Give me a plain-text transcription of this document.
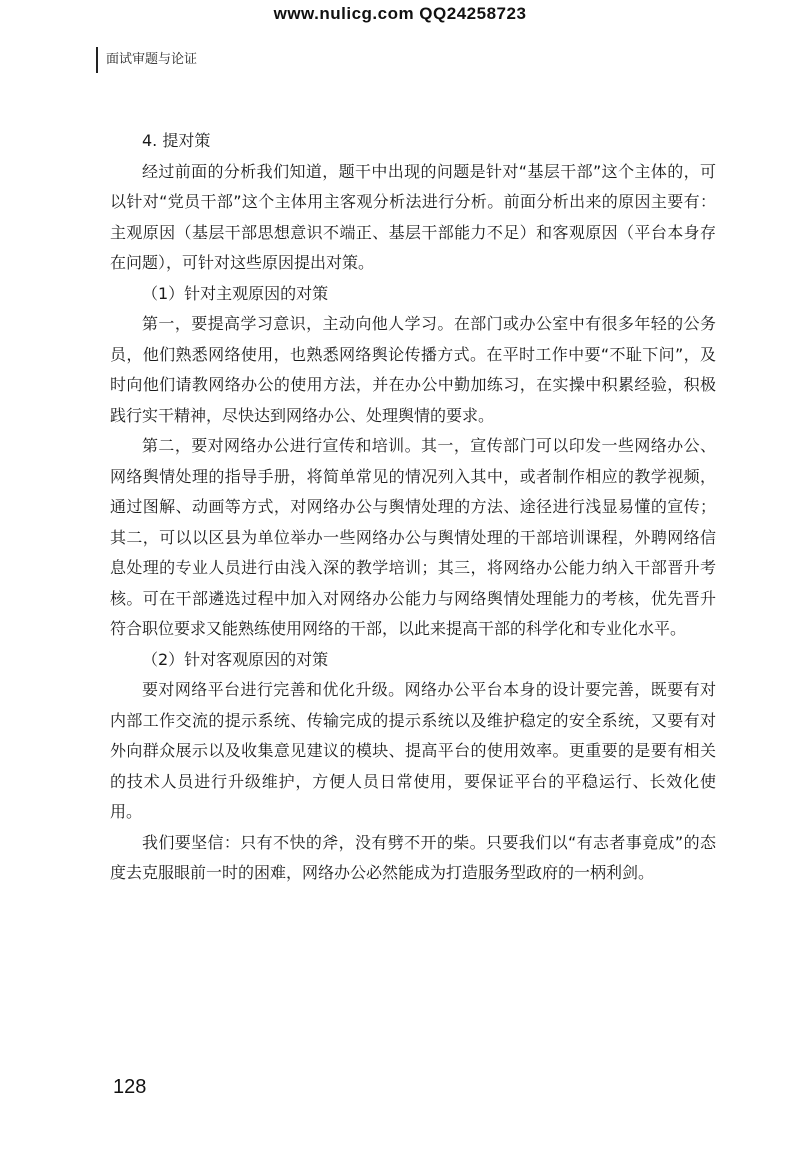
www.nulicg.com QQ24258723
面试审题与论证

4. 提对策

经过前面的分析我们知道，题干中出现的问题是针对“基层干部”这个主体的，可以针对“党员干部”这个主体用主客观分析法进行分析。前面分析出来的原因主要有：主观原因（基层干部思想意识不端正、基层干部能力不足）和客观原因（平台本身存在问题），可针对这些原因提出对策。

（1）针对主观原因的对策

第一，要提高学习意识，主动向他人学习。在部门或办公室中有很多年轻的公务员，他们熟悉网络使用，也熟悉网络舆论传播方式。在平时工作中要“不耻下问”，及时向他们请教网络办公的使用方法，并在办公中勤加练习，在实操中积累经验，积极践行实干精神，尽快达到网络办公、处理舆情的要求。

第二，要对网络办公进行宣传和培训。其一，宣传部门可以印发一些网络办公、网络舆情处理的指导手册，将简单常见的情况列入其中，或者制作相应的教学视频，通过图解、动画等方式，对网络办公与舆情处理的方法、途径进行浅显易懂的宣传；其二，可以以区县为单位举办一些网络办公与舆情处理的干部培训课程，外聘网络信息处理的专业人员进行由浅入深的教学培训；其三，将网络办公能力纳入干部晋升考核。可在干部遴选过程中加入对网络办公能力与网络舆情处理能力的考核，优先晋升符合职位要求又能熟练使用网络的干部，以此来提高干部的科学化和专业化水平。

（2）针对客观原因的对策

要对网络平台进行完善和优化升级。网络办公平台本身的设计要完善，既要有对内部工作交流的提示系统、传输完成的提示系统以及维护稳定的安全系统，又要有对外向群众展示以及收集意见建议的模块、提高平台的使用效率。更重要的是要有相关的技术人员进行升级维护，方便人员日常使用，要保证平台的平稳运行、长效化使用。

我们要坚信：只有不快的斧，没有劈不开的柴。只要我们以“有志者事竟成”的态度去克服眼前一时的困难，网络办公必然能成为打造服务型政府的一柄利剑。

128
